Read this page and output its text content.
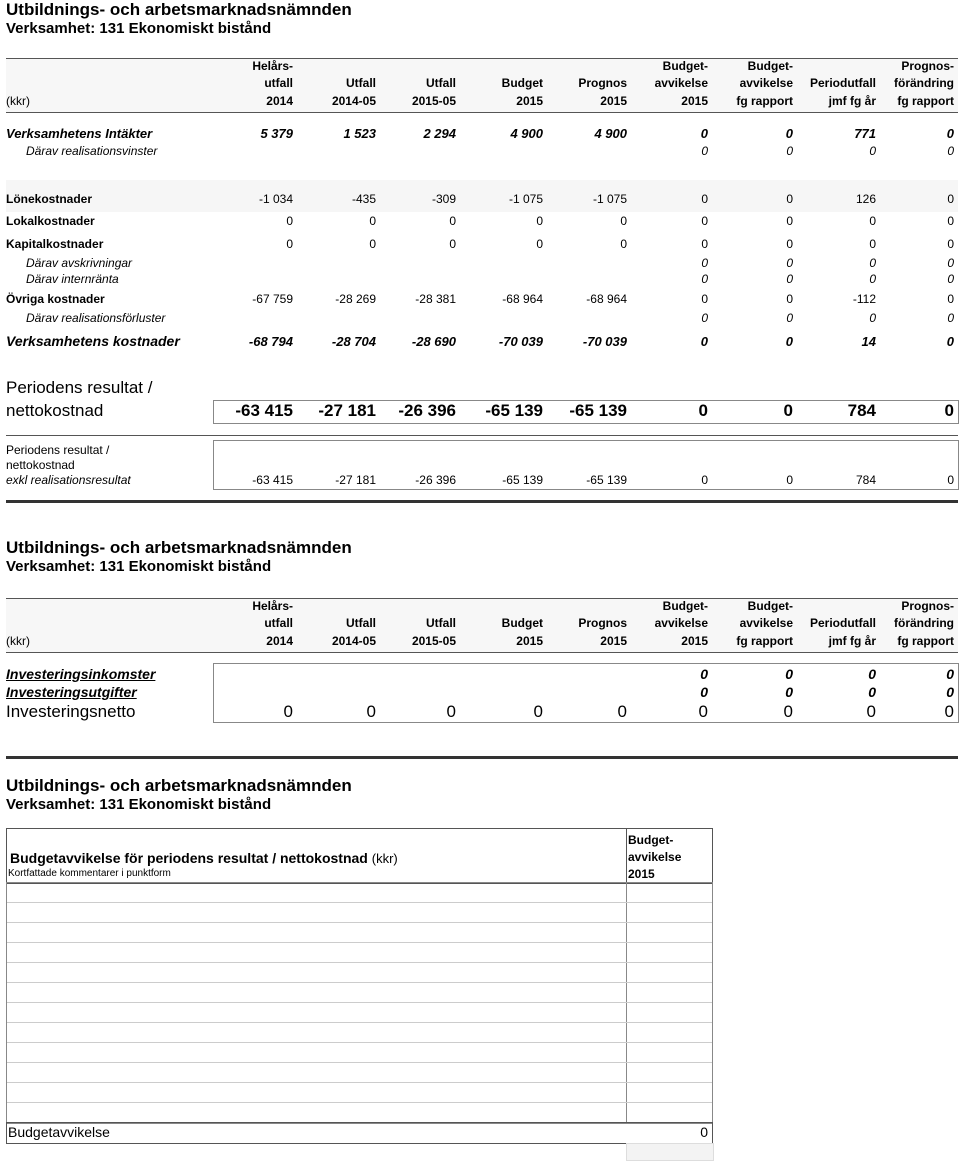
Utbildnings- och arbetsmarknadsnämnden
Verksamhet: 131 Ekonomiskt bistånd
	Helårs-					Budget-	Budget-		Prognos-
	utfall	Utfall	Utfall	Budget	Prognos	avvikelse	avvikelse	Periodutfall	förändring
(kkr)	2014	2014-05	2015-05	2015	2015	2015	fg rapport	jmf fg år	fg rapport
Verksamhetens Intäkter	5 379	1 523	2 294	4 900	4 900	0	0	771	0
Därav realisationsvinster						0	0	0	0
Lönekostnader	-1 034	-435	-309	-1 075	-1 075	0	0	126	0
Lokalkostnader	0	0	0	0	0	0	0	0	0
Kapitalkostnader	0	0	0	0	0	0	0	0	0
Därav avskrivningar						0	0	0	0
Därav internränta						0	0	0	0
Övriga kostnader	-67 759	-28 269	-28 381	-68 964	-68 964	0	0	-112	0
Därav realisationsförluster						0	0	0	0
Verksamhetens kostnader	-68 794	-28 704	-28 690	-70 039	-70 039	0	0	14	0
Periodens resultat /
nettokostnad	-63 415	-27 181	-26 396	-65 139	-65 139	0	0	784	0
Periodens resultat /
nettokostnad
exkl realisationsresultat	-63 415	-27 181	-26 396	-65 139	-65 139	0	0	784	0
Utbildnings- och arbetsmarknadsnämnden
Verksamhet: 131 Ekonomiskt bistånd
	Helårs-					Budget-	Budget-		Prognos-
	utfall	Utfall	Utfall	Budget	Prognos	avvikelse	avvikelse	Periodutfall	förändring
(kkr)	2014	2014-05	2015-05	2015	2015	2015	fg rapport	jmf fg år	fg rapport
Investeringsinkomster						0	0	0	0
Investeringsutgifter						0	0	0	0
Investeringsnetto	0	0	0	0	0	0	0	0	0
Utbildnings- och arbetsmarknadsnämnden
Verksamhet: 131 Ekonomiskt bistånd
Budgetavvikelse för periodens resultat / nettokostnad (kkr)
Kortfattade kommentarer i punktform
Budget-
avvikelse
2015
Budgetavvikelse	0
